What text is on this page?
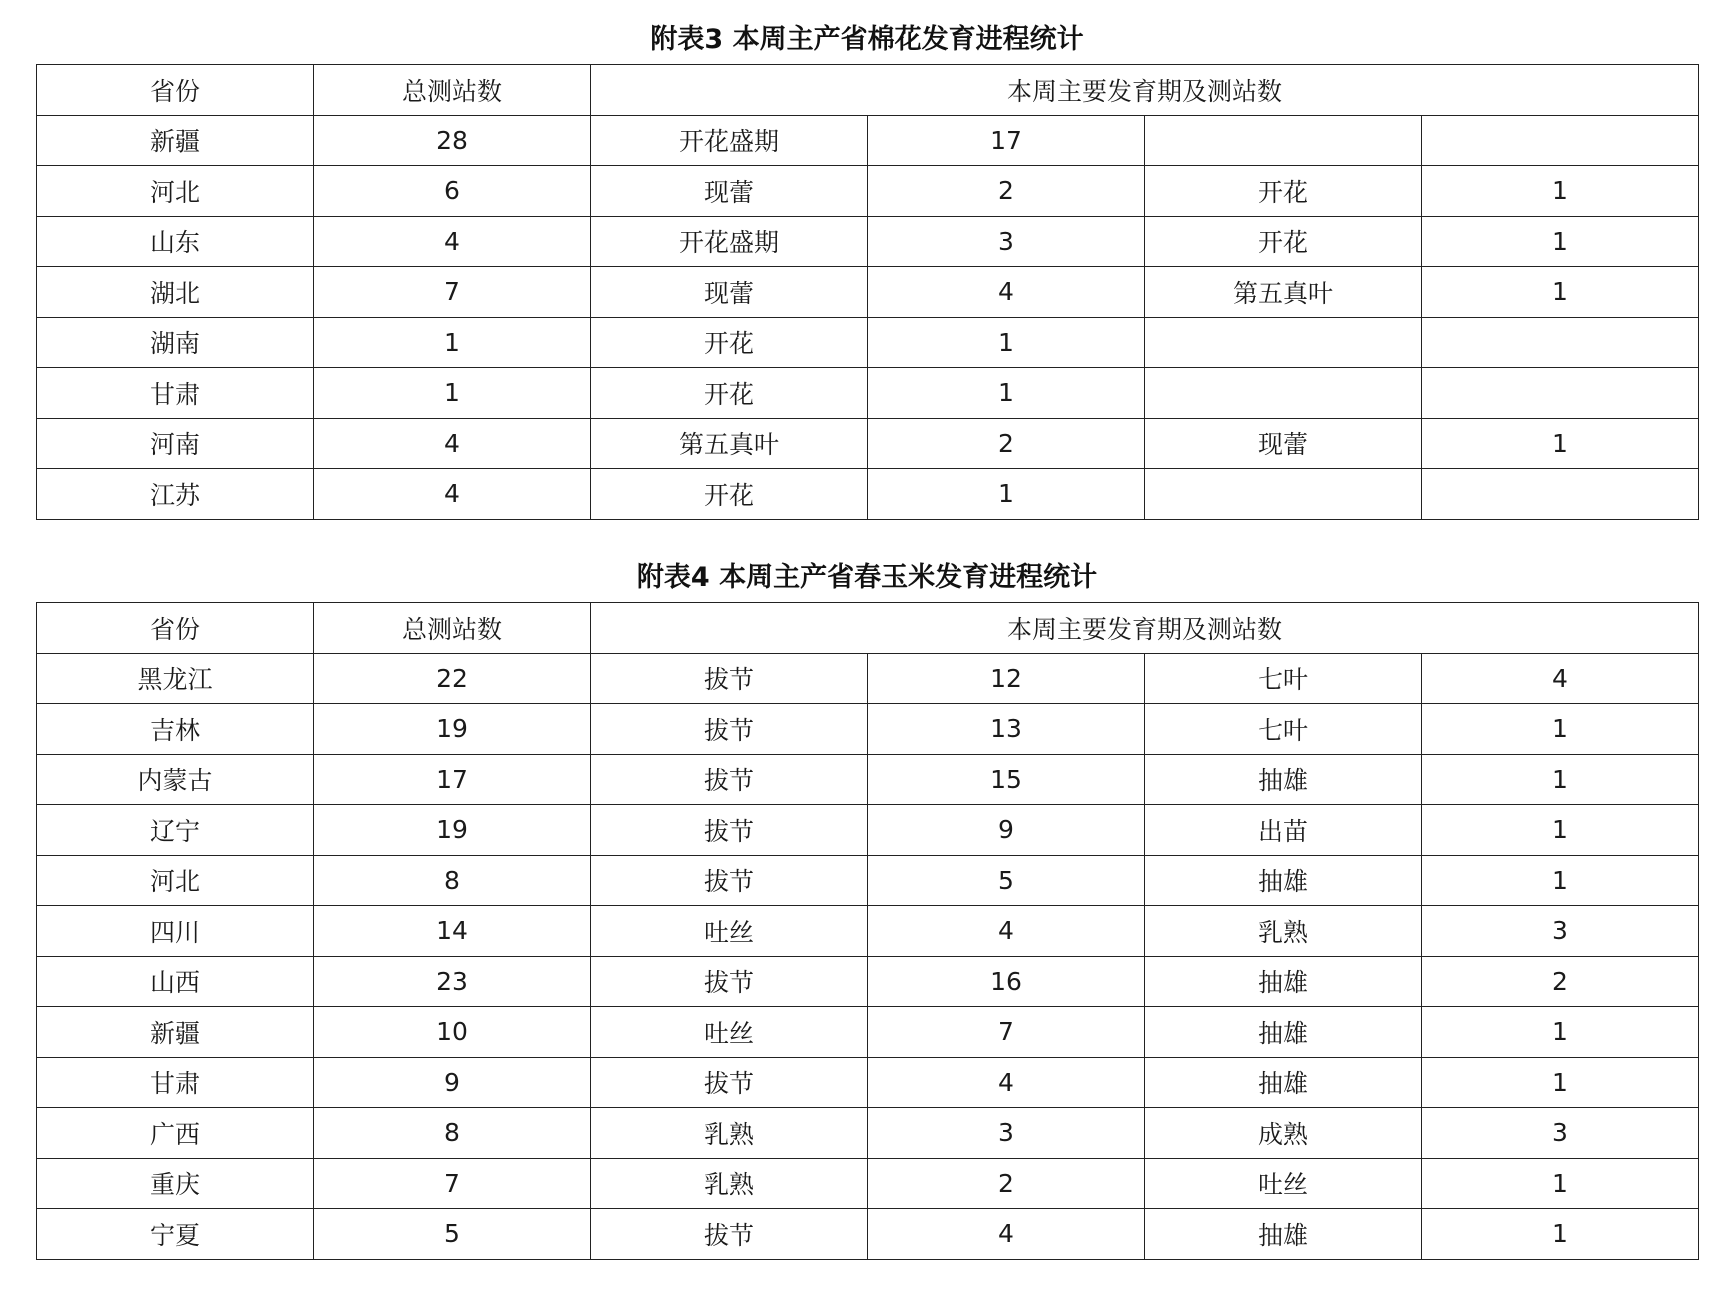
附表3 本周主产省棉花发育进程统计
省份	总测站数	本周主要发育期及测站数			
新疆	28	开花盛期	17		
河北	6	现蕾	2	开花	1
山东	4	开花盛期	3	开花	1
湖北	7	现蕾	4	第五真叶	1
湖南	1	开花	1		
甘肃	1	开花	1		
河南	4	第五真叶	2	现蕾	1
江苏	4	开花	1		
附表4 本周主产省春玉米发育进程统计
省份	总测站数	本周主要发育期及测站数			
黑龙江	22	拔节	12	七叶	4
吉林	19	拔节	13	七叶	1
内蒙古	17	拔节	15	抽雄	1
辽宁	19	拔节	9	出苗	1
河北	8	拔节	5	抽雄	1
四川	14	吐丝	4	乳熟	3
山西	23	拔节	16	抽雄	2
新疆	10	吐丝	7	抽雄	1
甘肃	9	拔节	4	抽雄	1
广西	8	乳熟	3	成熟	3
重庆	7	乳熟	2	吐丝	1
宁夏	5	拔节	4	抽雄	1
